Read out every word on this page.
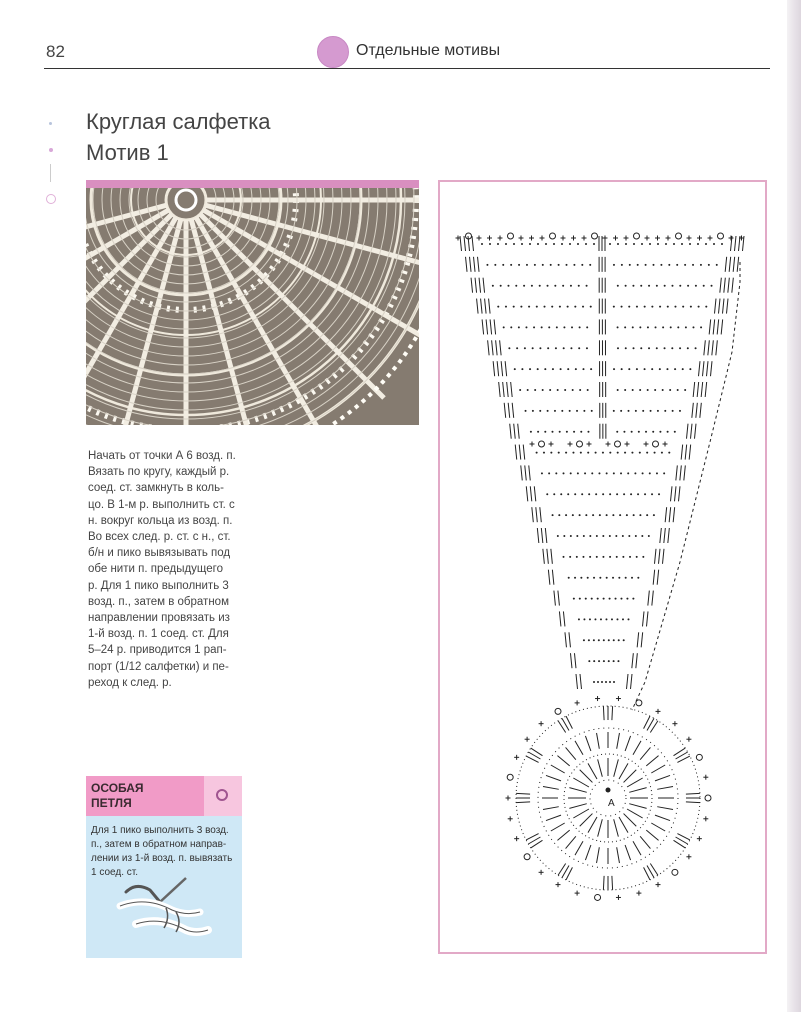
82	Отдельные мотивы
Круглая салфетка
Мотив 1

Начать от точки А 6 возд. п.
Вязать по кругу, каждый р.
соед. ст. замкнуть в коль-
цо. В 1-м р. выполнить ст. с
н. вокруг кольца из возд. п.
Во всех след. р. ст. с н., ст.
б/н и пико вывязывать под
обе нити п. предыдущего
р. Для 1 пико выполнить 3
возд. п., затем в обратном
направлении провязать из
1-й возд. п. 1 соед. ст. Для
5–24 р. приводится 1 рап-
порт (1/12 салфетки) и пе-
реход к след. р.

ОСОБАЯ
ПЕТЛЯ
Для 1 пико выполнить 3 возд.
п., затем в обратном направ-
лении из 1-й возд. п. вывязать
1 соед. ст.
A
